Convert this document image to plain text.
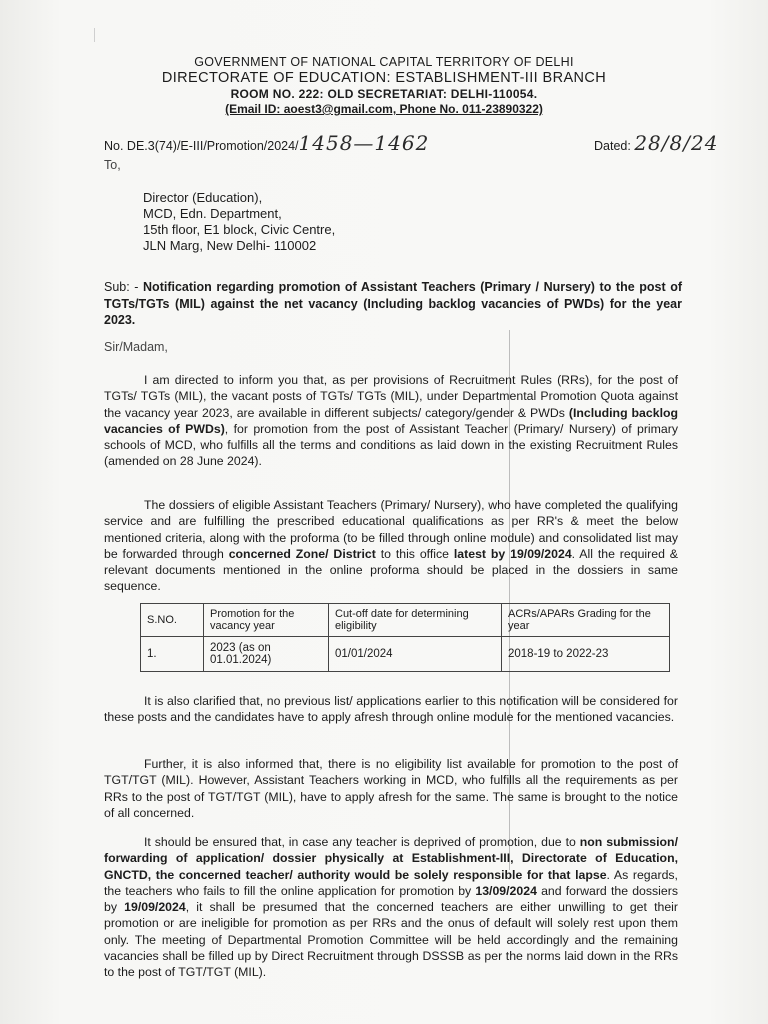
GOVERNMENT OF NATIONAL CAPITAL TERRITORY OF DELHI
DIRECTORATE OF EDUCATION: ESTABLISHMENT-III BRANCH
ROOM NO. 222: OLD SECRETARIAT: DELHI-110054.
(Email ID: aoest3@gmail.com, Phone No. 011-23890322)
No. DE.3(74)/E-III/Promotion/2024/1458—1462	Dated: 28/8/24
To,
Director (Education),
MCD, Edn. Department,
15th floor, E1 block, Civic Centre,
JLN Marg, New Delhi- 110002
Sub: - Notification regarding promotion of Assistant Teachers (Primary / Nursery) to the post of TGTs/TGTs (MIL) against the net vacancy (Including backlog vacancies of PWDs) for the year 2023.
Sir/Madam,
I am directed to inform you that, as per provisions of Recruitment Rules (RRs), for the post of TGTs/ TGTs (MIL), the vacant posts of TGTs/ TGTs (MIL), under Departmental Promotion Quota against the vacancy year 2023, are available in different subjects/ category/gender & PWDs (Including backlog vacancies of PWDs), for promotion from the post of Assistant Teacher (Primary/ Nursery) of primary schools of MCD, who fulfills all the terms and conditions as laid down in the existing Recruitment Rules (amended on 28 June 2024).
The dossiers of eligible Assistant Teachers (Primary/ Nursery), who have completed the qualifying service and are fulfilling the prescribed educational qualifications as per RR's & meet the below mentioned criteria, along with the proforma (to be filled through online module) and consolidated list may be forwarded through concerned Zone/ District to this office latest by 19/09/2024. All the required & relevant documents mentioned in the online proforma should be placed in the dossiers in same sequence.
S.NO.	Promotion for the vacancy year	Cut-off date for determining eligibility	ACRs/APARs Grading for the year
1.	2023 (as on 01.01.2024)	01/01/2024	2018-19 to 2022-23
It is also clarified that, no previous list/ applications earlier to this notification will be considered for these posts and the candidates have to apply afresh through online module for the mentioned vacancies.
Further, it is also informed that, there is no eligibility list available for promotion to the post of TGT/TGT (MIL). However, Assistant Teachers working in MCD, who fulfills all the requirements as per RRs to the post of TGT/TGT (MIL), have to apply afresh for the same. The same is brought to the notice of all concerned.
It should be ensured that, in case any teacher is deprived of promotion, due to non submission/ forwarding of application/ dossier physically at Establishment-III, Directorate of Education, GNCTD, the concerned teacher/ authority would be solely responsible for that lapse. As regards, the teachers who fails to fill the online application for promotion by 13/09/2024 and forward the dossiers by 19/09/2024, it shall be presumed that the concerned teachers are either unwilling to get their promotion or are ineligible for promotion as per RRs and the onus of default will solely rest upon them only. The meeting of Departmental Promotion Committee will be held accordingly and the remaining vacancies shall be filled up by Direct Recruitment through DSSSB as per the norms laid down in the RRs to the post of TGT/TGT (MIL).
